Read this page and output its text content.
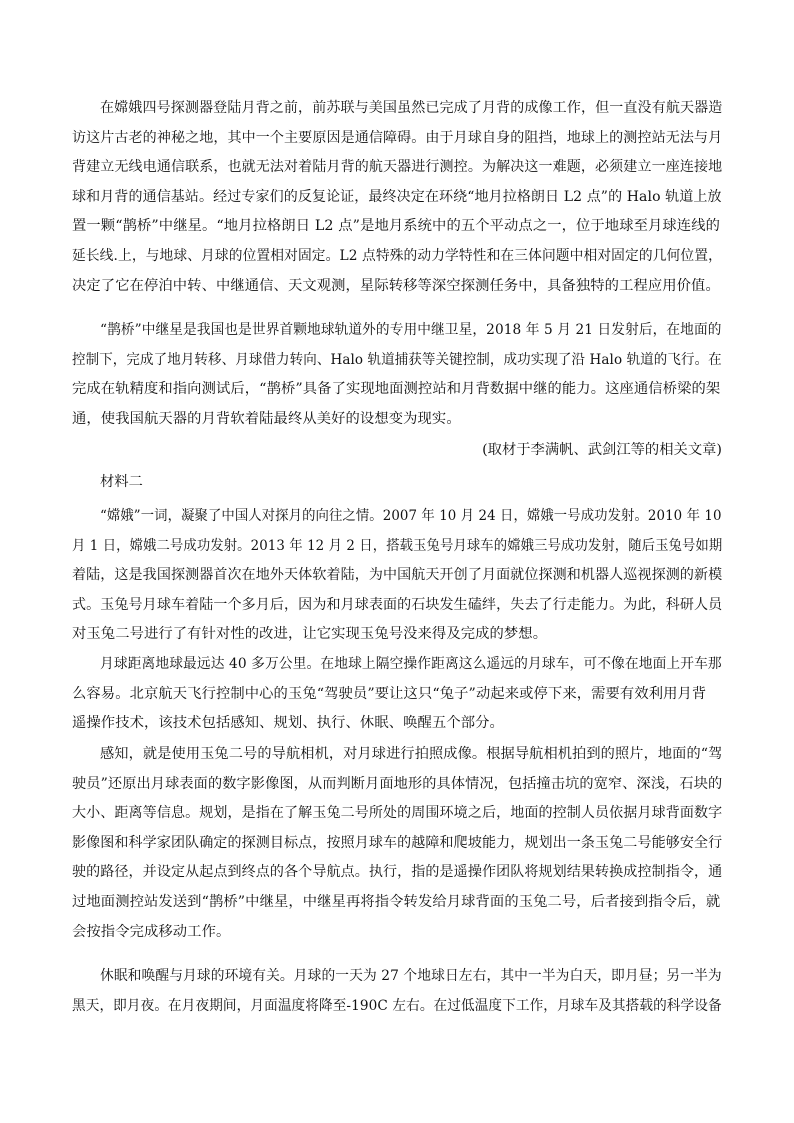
在嫦娥四号探测器登陆月背之前，前苏联与美国虽然已完成了月背的成像工作，但一直没有航天器造
访这片古老的神秘之地，其中一个主要原因是通信障碍。由于月球自身的阻挡，地球上的测控站无法与月
背建立无线电通信联系，也就无法对着陆月背的航天器进行测控。为解决这一难题，必须建立一座连接地
球和月背的通信基站。经过专家们的反复论证，最终决定在环绕“地月拉格朗日 L2 点”的 Halo 轨道上放
置一颗“鹊桥”中继星。“地月拉格朗日 L2 点”是地月系统中的五个平动点之一，位于地球至月球连线的
延长线.上，与地球、月球的位置相对固定。L2 点特殊的动力学特性和在三体问题中相对固定的几何位置，
决定了它在停泊中转、中继通信、天文观测，星际转移等深空探测任务中，具备独特的工程应用价值。
“鹊桥”中继星是我国也是世界首颗地球轨道外的专用中继卫星，2018 年 5 月 21 日发射后，在地面的
控制下，完成了地月转移、月球借力转向、Halo 轨道捕获等关键控制，成功实现了沿 Halo 轨道的飞行。在
完成在轨精度和指向测试后，“鹊桥”具备了实现地面测控站和月背数据中继的能力。这座通信桥梁的架
通，使我国航天器的月背软着陆最终从美好的设想变为现实。
(取材于李满帆、武剑江等的相关文章)
材料二
“嫦娥”一词，凝聚了中国人对探月的向往之情。2007 年 10 月 24 日，嫦娥一号成功发射。2010 年 10
月 1 日，嫦娥二号成功发射。2013 年 12 月 2 日，搭载玉兔号月球车的嫦娥三号成功发射，随后玉兔号如期
着陆，这是我国探测器首次在地外天体软着陆，为中国航天开创了月面就位探测和机器人巡视探测的新模
式。玉兔号月球车着陆一个多月后，因为和月球表面的石块发生磕绊，失去了行走能力。为此，科研人员
对玉兔二号进行了有针对性的改进，让它实现玉兔号没来得及完成的梦想。
月球距离地球最远达 40 多万公里。在地球上隔空操作距离这么遥远的月球车，可不像在地面上开车那
么容易。北京航天飞行控制中心的玉兔“驾驶员”要让这只“兔子”动起来或停下来，需要有效利用月背
遥操作技术，该技术包括感知、规划、执行、休眠、唤醒五个部分。
感知，就是使用玉兔二号的导航相机，对月球进行拍照成像。根据导航相机拍到的照片，地面的“驾
驶员”还原出月球表面的数字影像图，从而判断月面地形的具体情况，包括撞击坑的宽窄、深浅，石块的
大小、距离等信息。规划，是指在了解玉兔二号所处的周围环境之后，地面的控制人员依据月球背面数字
影像图和科学家团队确定的探测目标点，按照月球车的越障和爬坡能力，规划出一条玉兔二号能够安全行
驶的路径，并设定从起点到终点的各个导航点。执行，指的是遥操作团队将规划结果转换成控制指令，通
过地面测控站发送到“鹊桥”中继星，中继星再将指令转发给月球背面的玉兔二号，后者接到指令后，就
会按指令完成移动工作。
休眠和唤醒与月球的环境有关。月球的一天为 27 个地球日左右，其中一半为白天，即月昼；另一半为
黑天，即月夜。在月夜期间，月面温度将降至-190C 左右。在过低温度下工作，月球车及其搭载的科学设备
